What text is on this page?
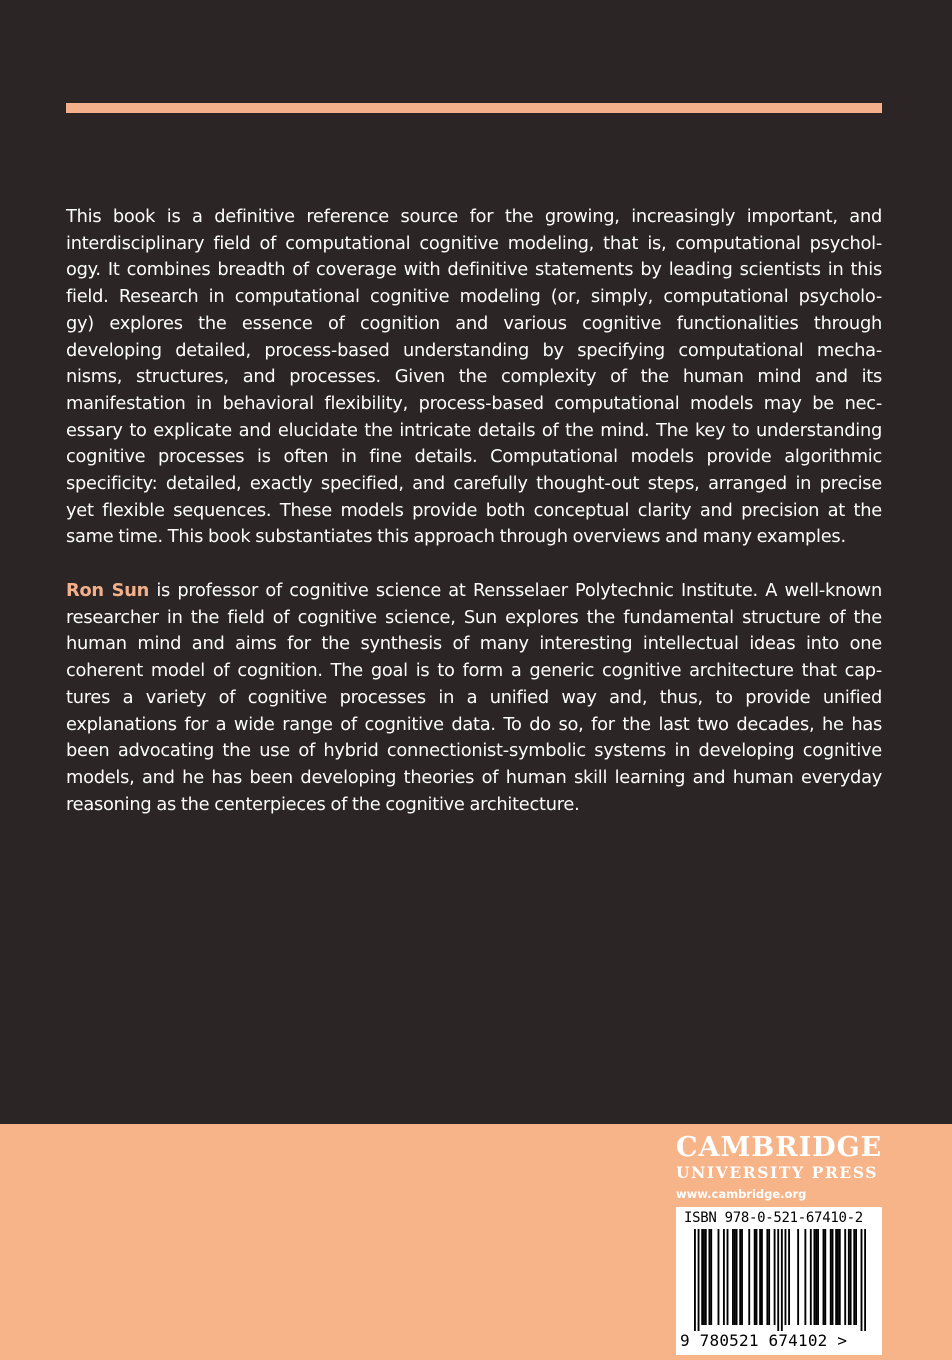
This book is a definitive reference source for the growing, increasingly important, and
interdisciplinary field of computational cognitive modeling, that is, computational psychol-
ogy. It combines breadth of coverage with definitive statements by leading scientists in this
field. Research in computational cognitive modeling (or, simply, computational psycholo-
gy) explores the essence of cognition and various cognitive functionalities through
developing detailed, process-based understanding by specifying computational mecha-
nisms, structures, and processes. Given the complexity of the human mind and its
manifestation in behavioral flexibility, process-based computational models may be nec-
essary to explicate and elucidate the intricate details of the mind. The key to understanding
cognitive processes is often in fine details. Computational models provide algorithmic
specificity: detailed, exactly specified, and carefully thought-out steps, arranged in precise
yet flexible sequences. These models provide both conceptual clarity and precision at the
same time. This book substantiates this approach through overviews and many examples.

Ron Sun is professor of cognitive science at Rensselaer Polytechnic Institute. A well-known
researcher in the field of cognitive science, Sun explores the fundamental structure of the
human mind and aims for the synthesis of many interesting intellectual ideas into one
coherent model of cognition. The goal is to form a generic cognitive architecture that cap-
tures a variety of cognitive processes in a unified way and, thus, to provide unified
explanations for a wide range of cognitive data. To do so, for the last two decades, he has
been advocating the use of hybrid connectionist-symbolic systems in developing cognitive
models, and he has been developing theories of human skill learning and human everyday
reasoning as the centerpieces of the cognitive architecture.

CAMBRIDGE
UNIVERSITY PRESS
www.cambridge.org
ISBN 978-0-521-67410-2
9 780521 674102 >
